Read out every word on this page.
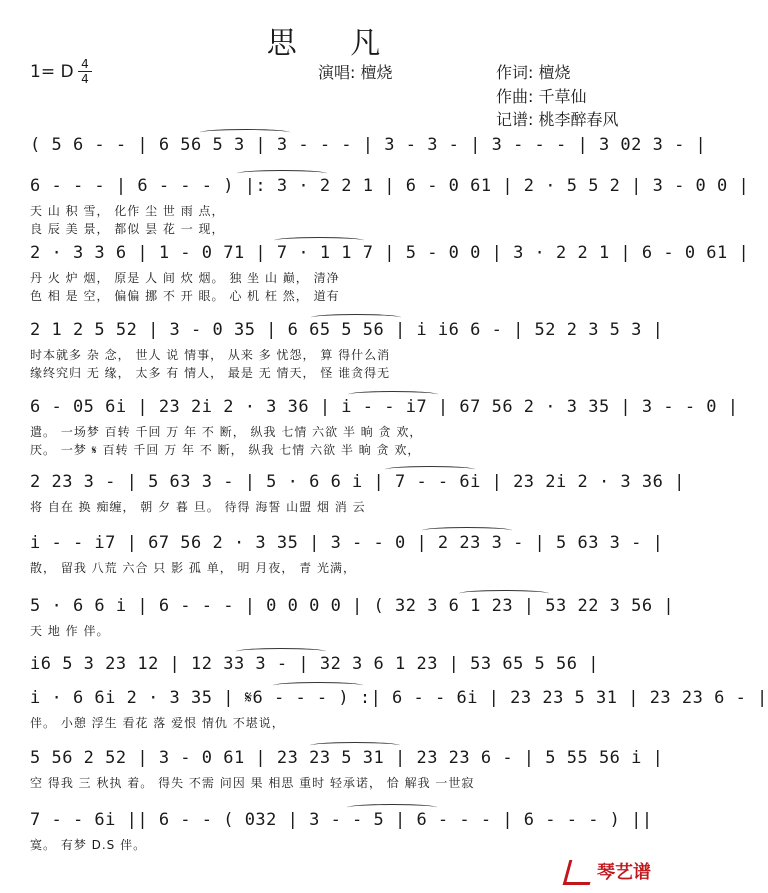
思 凡
1= D 4
4	演唱: 檀烧	作词: 檀烧
作曲: 千草仙
记谱: 桃李醉春风
( 5 6 - - | 6 56 5 3 | 3 - - - | 3 - 3 - | 3 - - - | 3 02 3 - |
6 - - - | 6 - - - ) |: 3 · 2 2 1 | 6 - 0 61 | 2 · 5 5 2 | 3 - 0 0 |
天 山 积 雪， 化作 尘 世 雨 点，
良 辰 美 景， 都似 昙 花 一 现，
2 · 3 3 6 | 1 - 0 71 | 7 · 1 1 7 | 5 - 0 0 | 3 · 2 2 1 | 6 - 0 61 |
丹 火 炉 烟， 原是 人 间 炊 烟。 独 坐 山 巅， 清净
色 相 是 空， 偏偏 挪 不 开 眼。 心 机 枉 然， 道有
2 1 2 5 52 | 3 - 0 35 | 6 65 5 56 | i i6 6 - | 52 2 3 5 3 |
时本就多 杂 念， 世人 说 情事， 从来 多 忧怨， 算 得什么消
缘终究归 无 缘， 太多 有 情人， 最是 无 情天， 怪 谁贪得无
6 - 05 6i | 23 2i 2 · 3 36 | i - - i7 | 67 56 2 · 3 35 | 3 - - 0 |
遣。 一场梦 百转 千回 万 年 不 断， 纵我 七情 六欲 半 晌 贪 欢，
厌。 一梦 𝄋 百转 千回 万 年 不 断， 纵我 七情 六欲 半 晌 贪 欢，
2 23 3 - | 5 63 3 - | 5 · 6 6 i | 7 - - 6i | 23 2i 2 · 3 36 |
将 自在 换 痴缠， 朝 夕 暮 旦。 待得 海誓 山盟 烟 消 云
i - - i7 | 67 56 2 · 3 35 | 3 - - 0 | 2 23 3 - | 5 63 3 - |
散， 留我 八荒 六合 只 影 孤 单， 明 月夜， 青 光满，
5 · 6 6 i | 6 - - - | 0 0 0 0 | ( 32 3 6 1 23 | 53 22 3 56 |
天 地 作 伴。
i6 5 3 23 12 | 12 33 3 - | 32 3 6 1 23 | 53 65 5 56 |
i · 6 6i 2 · 3 35 | 𝄋6 - - - ) :| 6 - - 6i | 23 23 5 31 | 23 23 6 - |
伴。 小憩 浮生 看花 落 爱恨 情仇 不堪说，
5 56 2 52 | 3 - 0 61 | 23 23 5 31 | 23 23 6 - | 5 55 56 i |
空 得我 三 秋执 着。 得失 不需 问因 果 相思 重时 轻承诺， 恰 解我 一世寂
7 - - 6i || 6 - - ( 032 | 3 - - 5 | 6 - - - | 6 - - - ) ||
寞。 有梦 D.S 伴。
琴艺谱
